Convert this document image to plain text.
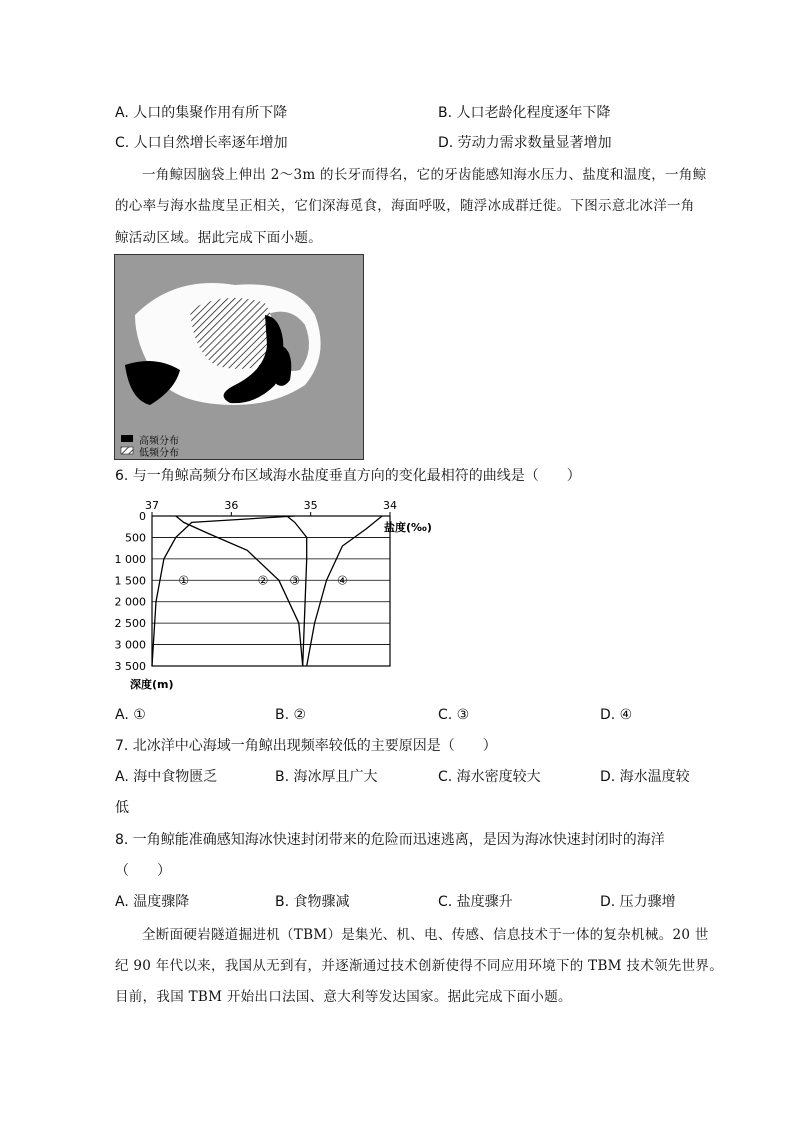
A. 人口的集聚作用有所下降	B. 人口老龄化程度逐年下降
C. 人口自然增长率逐年增加	D. 劳动力需求数量显著增加
一角鲸因脑袋上伸出 2～3m 的长牙而得名，它的牙齿能感知海水压力、盐度和温度，一角鲸
的心率与海水盐度呈正相关，它们深海觅食，海面呼吸，随浮冰成群迁徙。下图示意北冰洋一角
鲸活动区域。据此完成下面小题。
高频分布
低频分布
6. 与一角鲸高频分布区域海水盐度垂直方向的变化最相符的曲线是（　　）
0
500
1 000
1 500
2 000
2 500
3 000
3 500
37	36	35	34
盐度(‰)
深度(m)
①	② ③	④
A. ①	B. ②	C. ③	D. ④
7. 北冰洋中心海域一角鲸出现频率较低的主要原因是（　　）
A. 海中食物匮乏	B. 海冰厚且广大	C. 海水密度较大	D. 海水温度较
低
8. 一角鲸能准确感知海冰快速封闭带来的危险而迅速逃离，是因为海冰快速封闭时的海洋
（　　）
A. 温度骤降	B. 食物骤减	C. 盐度骤升	D. 压力骤增
全断面硬岩隧道掘进机（TBM）是集光、机、电、传感、信息技术于一体的复杂机械。20 世
纪 90 年代以来，我国从无到有，并逐渐通过技术创新使得不同应用环境下的 TBM 技术领先世界。
目前，我国 TBM 开始出口法国、意大利等发达国家。据此完成下面小题。
